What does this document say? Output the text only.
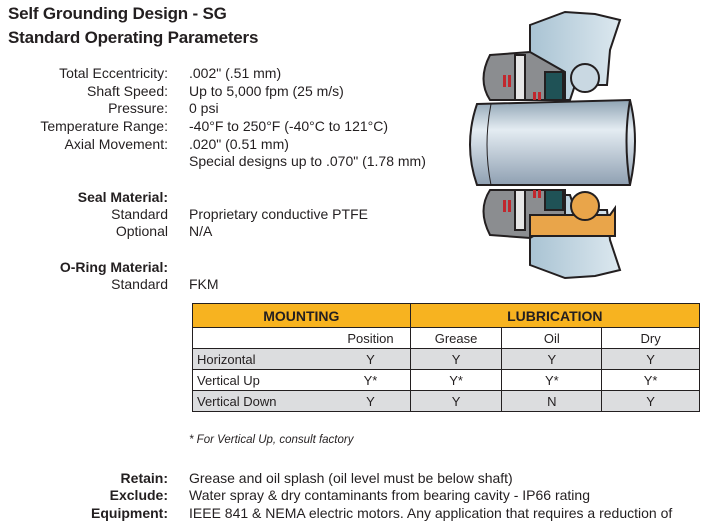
Self Grounding Design - SG
Standard Operating Parameters
Total Eccentricity: .002" (.51 mm)
Shaft Speed: Up to 5,000 fpm (25 m/s)
Pressure: 0 psi
Temperature Range: -40°F to 250°F (-40°C to 121°C)
Axial Movement: .020" (0.51 mm)
Special designs up to .070" (1.78 mm)
Seal Material:
Standard Proprietary conductive PTFE
Optional N/A
O-Ring Material:
Standard FKM
MOUNTING		LUBRICATION		
	Position	Grease	Oil	Dry
Horizontal	Y	Y	Y	Y
Vertical Up	Y*	Y*	Y*	Y*
Vertical Down	Y	Y	N	Y
* For Vertical Up, consult factory
Retain: Grease and oil splash (oil level must be below shaft)
Exclude: Water spray & dry contaminants from bearing cavity - IP66 rating
Equipment: IEEE 841 & NEMA electric motors. Any application that requires a reduction of
